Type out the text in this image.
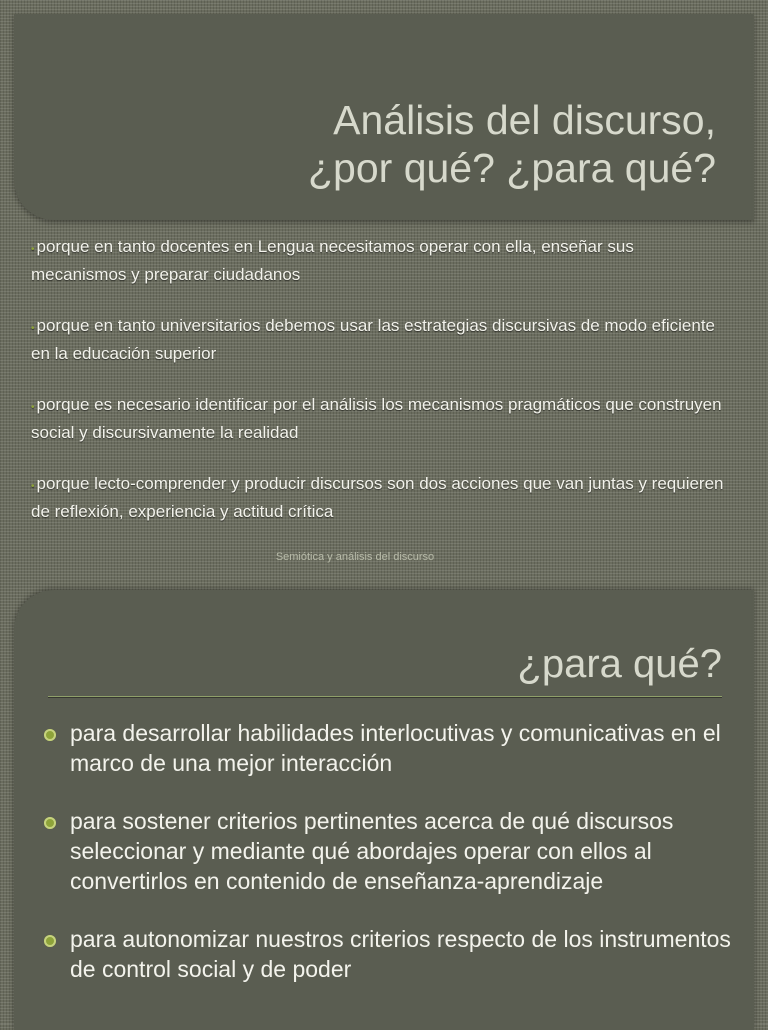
Análisis del discurso,
¿por qué? ¿para qué?
• porque en tanto docentes en Lengua necesitamos operar con ella, enseñar sus mecanismos y preparar ciudadanos
• porque en tanto universitarios debemos usar las estrategias discursivas de modo eficiente en la educación superior
• porque es necesario identificar por el análisis los mecanismos pragmáticos que construyen social y discursivamente la realidad
• porque lecto-comprender y producir discursos son dos acciones que van juntas y requieren de reflexión, experiencia y actitud crítica
Semiótica y análisis del discurso
¿para qué?
para desarrollar habilidades interlocutivas y comunicativas en el marco de una mejor interacción
para sostener criterios pertinentes acerca de qué discursos seleccionar y mediante qué abordajes operar con ellos al convertirlos en contenido de enseñanza-aprendizaje
para autonomizar nuestros criterios respecto de los instrumentos de control social y de poder
